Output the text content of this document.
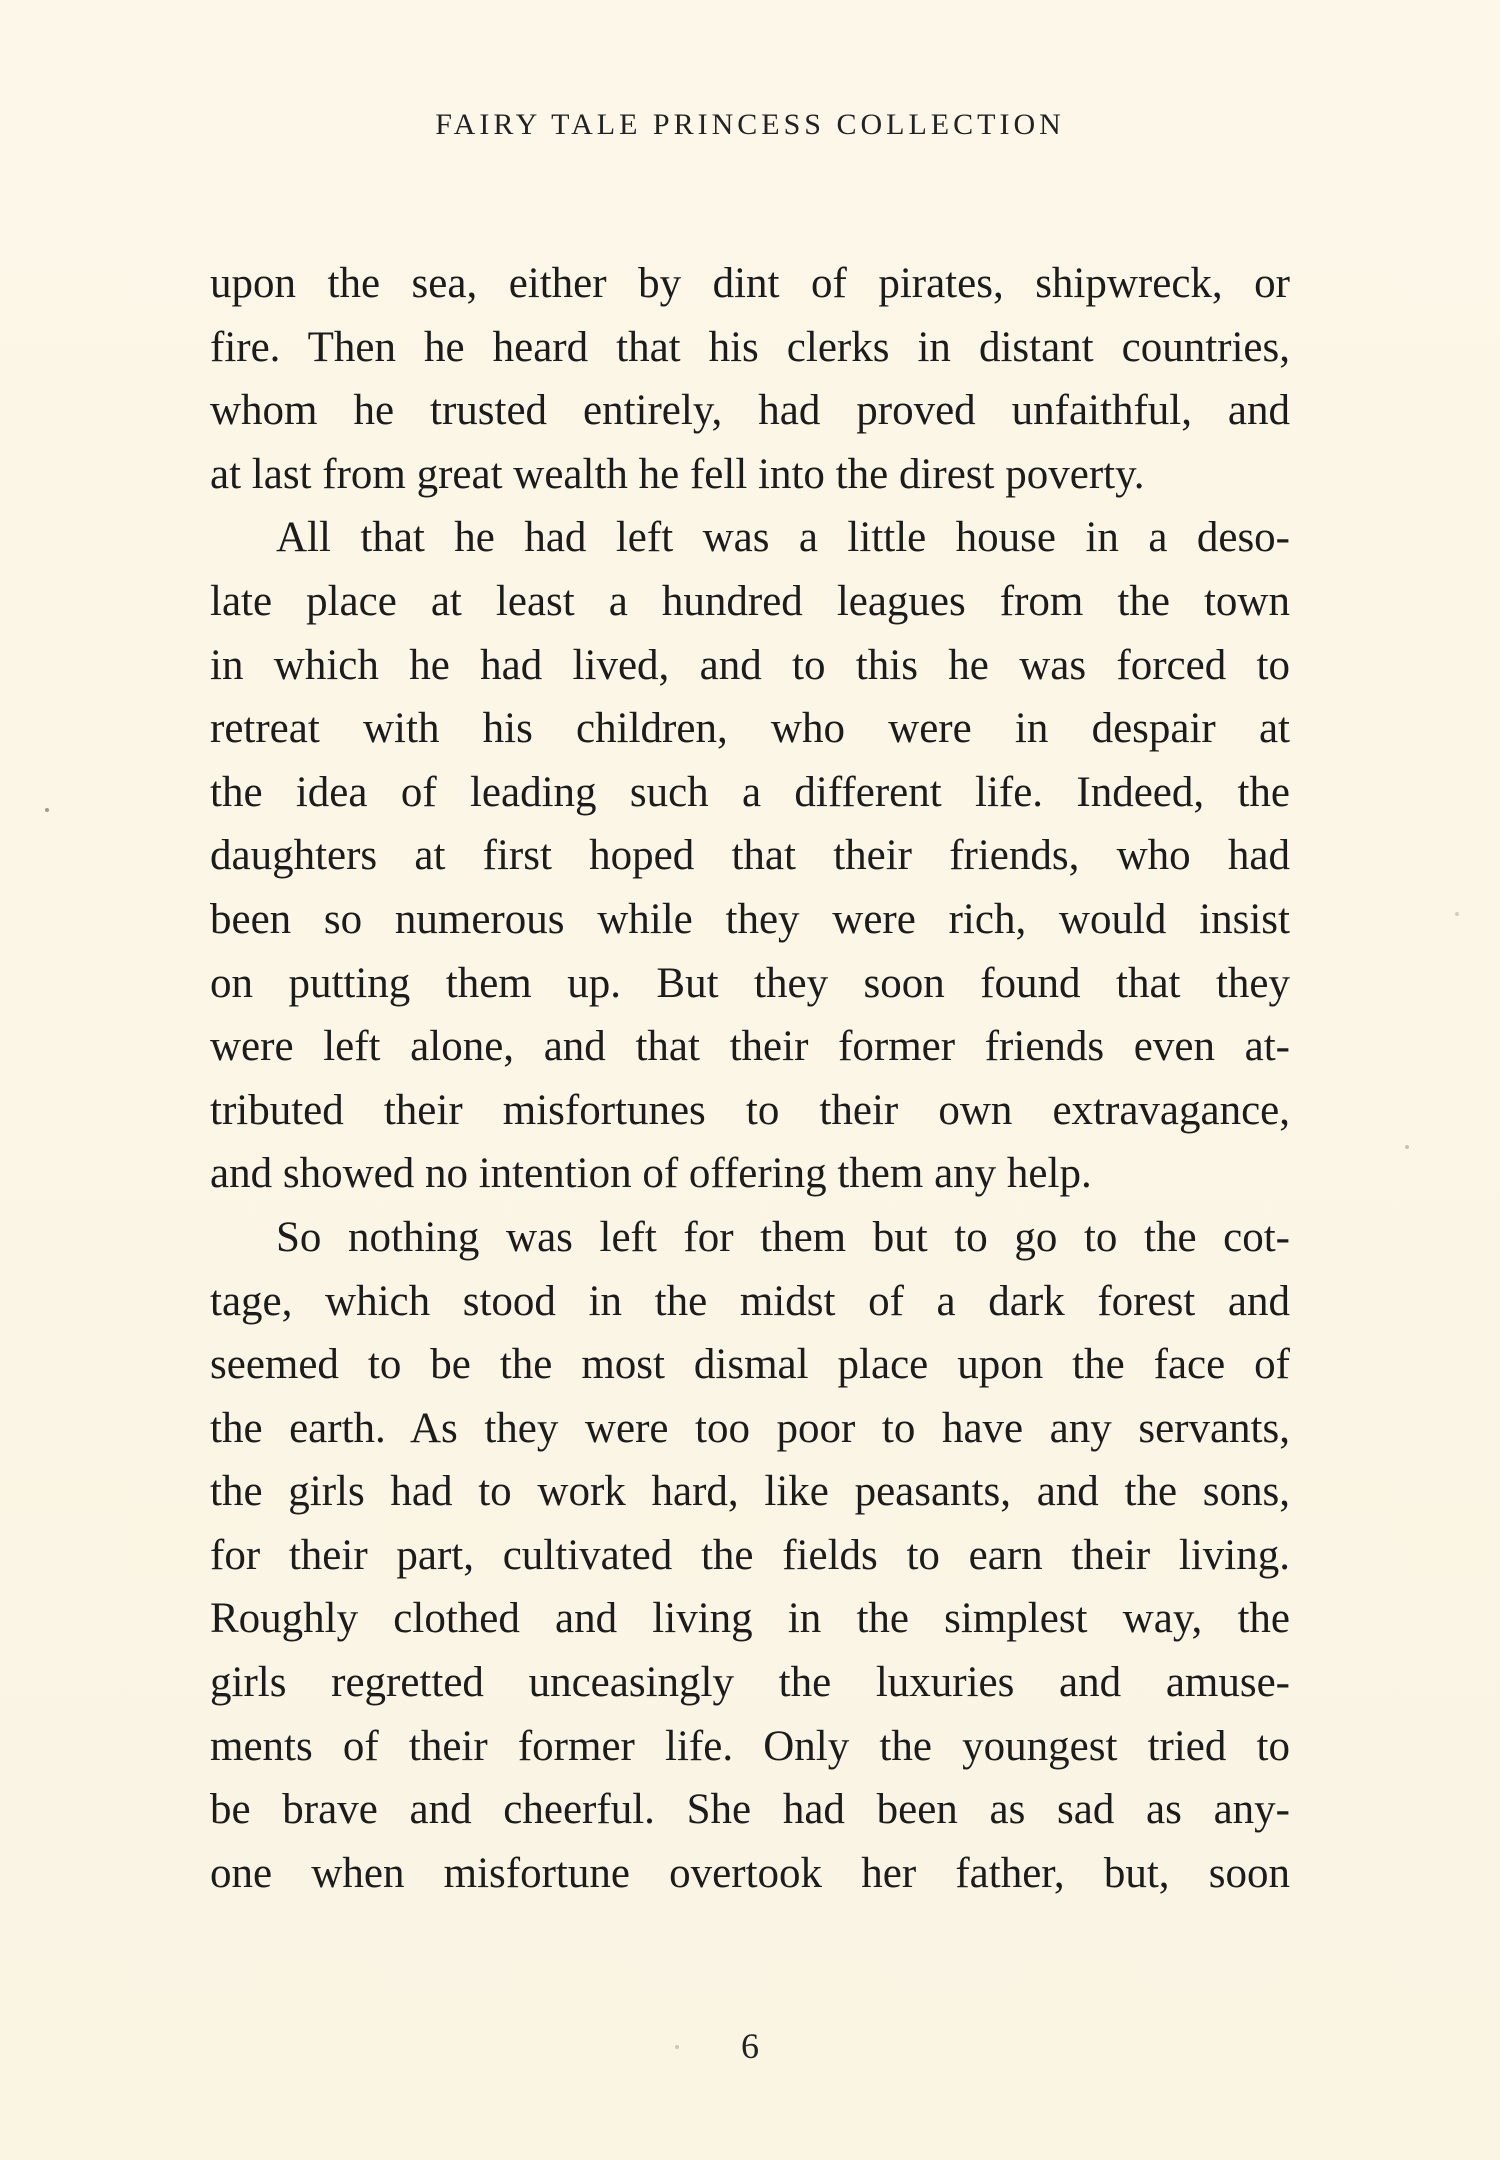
FAIRY TALE PRINCESS COLLECTION
upon the sea, either by dint of pirates, shipwreck, or
fire. Then he heard that his clerks in distant countries,
whom he trusted entirely, had proved unfaithful, and
at last from great wealth he fell into the direst poverty.
All that he had left was a little house in a deso-
late place at least a hundred leagues from the town
in which he had lived, and to this he was forced to
retreat with his children, who were in despair at
the idea of leading such a different life. Indeed, the
daughters at first hoped that their friends, who had
been so numerous while they were rich, would insist
on putting them up. But they soon found that they
were left alone, and that their former friends even at-
tributed their misfortunes to their own extravagance,
and showed no intention of offering them any help.
So nothing was left for them but to go to the cot-
tage, which stood in the midst of a dark forest and
seemed to be the most dismal place upon the face of
the earth. As they were too poor to have any servants,
the girls had to work hard, like peasants, and the sons,
for their part, cultivated the fields to earn their living.
Roughly clothed and living in the simplest way, the
girls regretted unceasingly the luxuries and amuse-
ments of their former life. Only the youngest tried to
be brave and cheerful. She had been as sad as any-
one when misfortune overtook her father, but, soon
6
